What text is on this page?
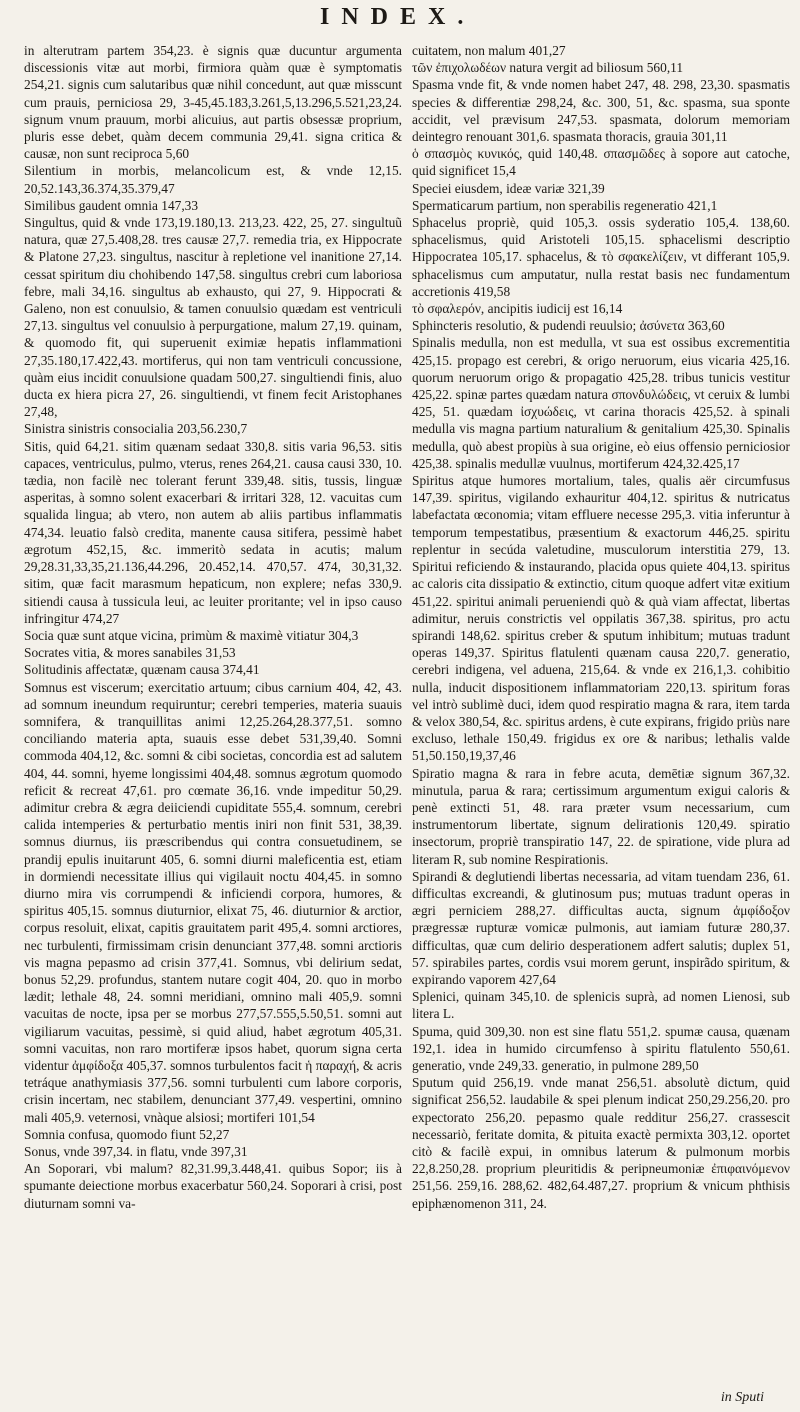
INDEX.

in alterutram partem 354,23. è signis quæ ducuntur argumenta discessionis vitæ aut morbi, firmiora quàm quæ è symptomatis 254,21. signis cum salutaribus quæ nihil concedunt, aut quæ misscunt cum prauis, perniciosa 29, 3-45,45.183,3.261,5,13.296,5.521,23,24. signum vnum prauum, morbi alicuius, aut partis obsessæ proprium, pluris esse debet, quàm decem communia 29,41. signa critica & causæ, non sunt reciproca 5,60

Silentium in morbis, melancolicum est, & vnde 12,15. 20,52.143,36.374,35.379,47

Similibus gaudent omnia 147,33

Singultus, quid & vnde 173,19.180,13. 213,23. 422, 25, 27. singultuũ natura, quæ 27,5.408,28. tres causæ 27,7. remedia tria, ex Hippocrate & Platone 27,23. singultus, nascitur à repletione vel inanitione 27,14. cessat spiritum diu chohibendo 147,58. singultus crebri cum laboriosa febre, mali 34,16. singultus ab exhausto, qui 27, 9. Hippocrati & Galeno, non est conuulsio, & tamen conuulsio quædam est ventriculi 27,13. singultus vel conuulsio à perpurgatione, malum 27,19. quinam, & quomodo fit, qui superuenit eximiæ hepatis inflammationi 27,35.180,17.422,43. mortiferus, qui non tam ventriculi concussione, quàm eius incidit conuulsione quadam 500,27. singultiendi finis, aluo ducta ex hiera picra 27, 26. singultiendi, vt finem fecit Aristophanes 27,48,

Sinistra sinistris consocialia 203,56.230,7

Sitis, quid 64,21. sitim quænam sedaat 330,8. sitis varia 96,53. sitis capaces, ventriculus, pulmo, vterus, renes 264,21. causa causi 330, 10. tædia, non facilè nec tolerant ferunt 339,48. sitis, tussis, linguæ asperitas, à somno solent exacerbari & irritari 328, 12. vacuitas cum squalida lingua; ab vtero, non autem ab aliis partibus inflammatis 474,34. leuatio falsò credita, manente causa sitifera, pessimè habet ægrotum 452,15, &c. immeritò sedata in acutis; malum 29,28.31,33,35,21.136,44.296, 20.452,14. 470,57. 474, 30,31,32. sitim, quæ facit marasmum hepaticum, non explere; nefas 330,9. sitiendi causa à tussicula leui, ac leuiter proritante; vel in ipso causo infringitur 474,27

Socia quæ sunt atque vicina, primùm & maximè vitiatur 304,3

Socrates vitia, & mores sanabiles 31,53

Solitudinis affectatæ, quænam causa 374,41

Somnus est viscerum; exercitatio artuum; cibus carnium 404, 42, 43. ad somnum ineundum requiruntur; cerebri temperies, materia suauis somnifera, & tranquillitas animi 12,25.264,28.377,51. somno conciliando materia apta, suauis esse debet 531,39,40. Somni commoda 404,12, &c. somni & cibi societas, concordia est ad salutem 404, 44. somni, hyeme longissimi 404,48. somnus ægrotum quomodo reficit & recreat 47,61. pro cœmate 36,16. vnde impeditur 50,29. adimitur crebra & ægra deiiciendi cupiditate 555,4. somnum, cerebri calida intemperies & perturbatio mentis iniri non finit 531, 38,39. somnus diurnus, iis præscribendus qui contra consuetudinem, se prandij epulis inuitarunt 405, 6. somni diurni maleficentia est, etiam in dormiendi necessitate illius qui vigilauit noctu 404,45. in somno diurno mira vis corrumpendi & inficiendi corpora, humores, & spiritus 405,15. somnus diuturnior, elixat 75, 46. diuturnior & arctior, corpus resoluit, elixat, capitis grauitatem parit 495,4. somni arctiores, nec turbulenti, firmissimam crisin denunciant 377,48. somni arctioris vis magna pepasmo ad crisin 377,41. Somnus, vbi delirium sedat, bonus 52,29. profundus, stantem nutare cogit 404, 20. quo in morbo lædit; lethale 48, 24. somni meridiani, omnino mali 405,9. somni vacuitas de nocte, ipsa per se morbus 277,57.555,5.50,51. somni aut vigiliarum vacuitas, pessimè, si quid aliud, habet ægrotum 405,31. somni vacuitas, non raro mortiferæ ipsos habet, quorum signa certa videntur ἀμφίδοξα 405,37. somnos turbulentos facit ἡ παραχή, & acris tetráque anathymiasis 377,56. somni turbulenti cum labore corporis, crisin incertam, nec stabilem, denunciant 377,49. vespertini, omnino mali 405,9. veternosi, vnàque alsiosi; mortiferi 101,54

Somnia confusa, quomodo fiunt 52,27

Sonus, vnde 397,34. in flatu, vnde 397,31

An Soporari, vbi malum? 82,31.99,3.448,41. quibus Sopor; iis à spumante deiectione morbus exacerbatur 560,24. Soporari à crisi, post diuturnam somni va-

cuitatem, non malum 401,27

τῶν ἐπιχολωδέων natura vergit ad biliosum 560,11

Spasma vnde fit, & vnde nomen habet 247, 48. 298, 23,30. spasmatis species & differentiæ 298,24, &c. 300, 51, &c. spasma, sua sponte accidit, vel prævisum 247,53. spasmata, dolorum memoriam deintegro renouant 301,6. spasmata thoracis, grauia 301,11

ὁ σπασμὸς κυνικός, quid 140,48. σπασμῶδες à sopore aut catoche, quid significet 15,4

Speciei eiusdem, ideæ variæ 321,39

Spermaticarum partium, non sperabilis regeneratio 421,1

Sphacelus propriè, quid 105,3. ossis syderatio 105,4. 138,60. sphacelismus, quid Aristoteli 105,15. sphacelismi descriptio Hippocratea 105,17. sphacelus, & τὸ σφακελίζειν, vt differant 105,9. sphacelismus cum amputatur, nulla restat basis nec fundamentum accretionis 419,58

τὸ σφαλερόν, ancipitis iudicij est 16,14

Sphincteris resolutio, & pudendi reuulsio; ἀσύνετα 363,60

Spinalis medulla, non est medulla, vt sua est ossibus excrementitia 425,15. propago est cerebri, & origo neruorum, eius vicaria 425,16. quorum neruorum origo & propagatio 425,28. tribus tunicis vestitur 425,22. spinæ partes quædam natura σπονδυλώδεις, vt ceruix & lumbi 425, 51. quædam ἰσχυώδεις, vt carina thoracis 425,52. à spinali medulla vis magna partium naturalium & genitalium 425,30. Spinalis medulla, quò abest propiùs à sua origine, eò eius offensio perniciosior 425,38. spinalis medullæ vuulnus, mortiferum 424,32.425,17

Spiritus atque humores mortalium, tales, qualis aër circumfusus 147,39. spiritus, vigilando exhauritur 404,12. spiritus & nutricatus labefactata œconomia; vitam effluere necesse 295,3. vitia inferuntur à temporum tempestatibus, præsentium & exactorum 446,25. spiritu replentur in secúda valetudine, musculorum interstitia 279, 13. Spiritui reficiendo & instaurando, placida opus quiete 404,13. spiritus ac caloris cita dissipatio & extinctio, citum quoque adfert vitæ exitium 451,22. spiritui animali perueniendi quò & quà viam affectat, libertas adimitur, neruis constrictis vel oppilatis 367,38. spiritus, pro actu spirandi 148,62. spiritus creber & sputum inhibitum; mutuas tradunt operas 149,37. Spiritus flatulenti quænam causa 220,7. generatio, cerebri indigena, vel aduena, 215,64. & vnde ex 216,1,3. cohibitio nulla, inducit dispositionem inflammatoriam 220,13. spiritum foras vel intrò sublimè duci, idem quod respiratio magna & rara, item tarda & velox 380,54, &c. spiritus ardens, è cute expirans, frigido priùs nare excluso, lethale 150,49. frigidus ex ore & naribus; lethalis valde 51,50.150,19,37,46

Spiratio magna & rara in febre acuta, demētiæ signum 367,32. minutula, parua & rara; certissimum argumentum exigui caloris & penè extincti 51, 48. rara præter vsum necessarium, cum instrumentorum libertate, signum delirationis 120,49. spiratio insectorum, propriè transpiratio 147, 22. de spiratione, vide plura ad literam R, sub nomine Respirationis.

Spirandi & deglutiendi libertas necessaria, ad vitam tuendam 236, 61. difficultas excreandi, & glutinosum pus; mutuas tradunt operas in ægri perniciem 288,27. difficultas aucta, signum ἀμφίδοξον prægressæ rupturæ vomicæ pulmonis, aut iamiam futuræ 280,37. difficultas, quæ cum delirio desperationem adfert salutis; duplex 51, 57. spirabiles partes, cordis vsui morem gerunt, inspirãdo spiritum, & expirando vaporem 427,64

Splenici, quinam 345,10. de splenicis suprà, ad nomen Lienosi, sub litera L.

Spuma, quid 309,30. non est sine flatu 551,2. spumæ causa, quænam 192,1. idea in humido circumfenso à spiritu flatulento 550,61. generatio, vnde 249,33. generatio, in pulmone 289,50

Sputum quid 256,19. vnde manat 256,51. absolutè dictum, quid significat 256,52. laudabile & spei plenum indicat 250,29.256,20. pro expectorato 256,20. pepasmo quale redditur 256,27. crassescit necessariò, feritate domita, & pituita exactè permixta 303,12. oportet citò & facilè expui, in omnibus laterum & pulmonum morbis 22,8.250,28. proprium pleuritidis & peripneumoniæ ἐπιφαινόμενον 251,56. 259,16. 288,62. 482,64.487,27. proprium & vnicum phthisis epiphænomenon 311, 24.

in Sputi
